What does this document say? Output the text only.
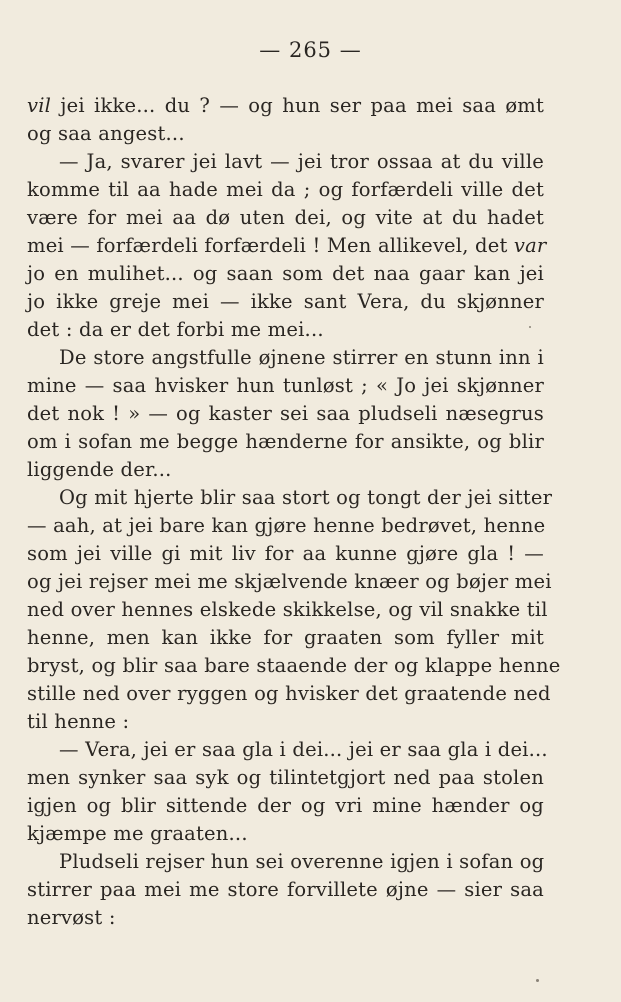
— 265 —
vil jei ikke... du ? — og hun ser paa mei saa ømt
og saa angest...
— Ja, svarer jei lavt — jei tror ossaa at du ville
komme til aa hade mei da ; og forfærdeli ville det
være for mei aa dø uten dei, og vite at du hadet
mei — forfærdeli forfærdeli ! Men allikevel, det var
jo en mulihet... og saan som det naa gaar kan jei
jo ikke greje mei — ikke sant Vera, du skjønner
det : da er det forbi me mei...
De store angstfulle øjnene stirrer en stunn inn i
mine — saa hvisker hun tunløst ; « Jo jei skjønner
det nok ! » — og kaster sei saa pludseli næsegrus
om i sofan me begge hænderne for ansikte, og blir
liggende der...
Og mit hjerte blir saa stort og tongt der jei sitter
— aah, at jei bare kan gjøre henne bedrøvet, henne
som jei ville gi mit liv for aa kunne gjøre gla ! —
og jei rejser mei me skjælvende knæer og bøjer mei
ned over hennes elskede skikkelse, og vil snakke til
henne, men kan ikke for graaten som fyller mit
bryst, og blir saa bare staaende der og klappe henne
stille ned over ryggen og hvisker det graatende ned
til henne :
— Vera, jei er saa gla i dei... jei er saa gla i dei...
men synker saa syk og tilintetgjort ned paa stolen
igjen og blir sittende der og vri mine hænder og
kjæmpe me graaten...
Pludseli rejser hun sei overenne igjen i sofan og
stirrer paa mei me store forvillete øjne — sier saa
nervøst :
